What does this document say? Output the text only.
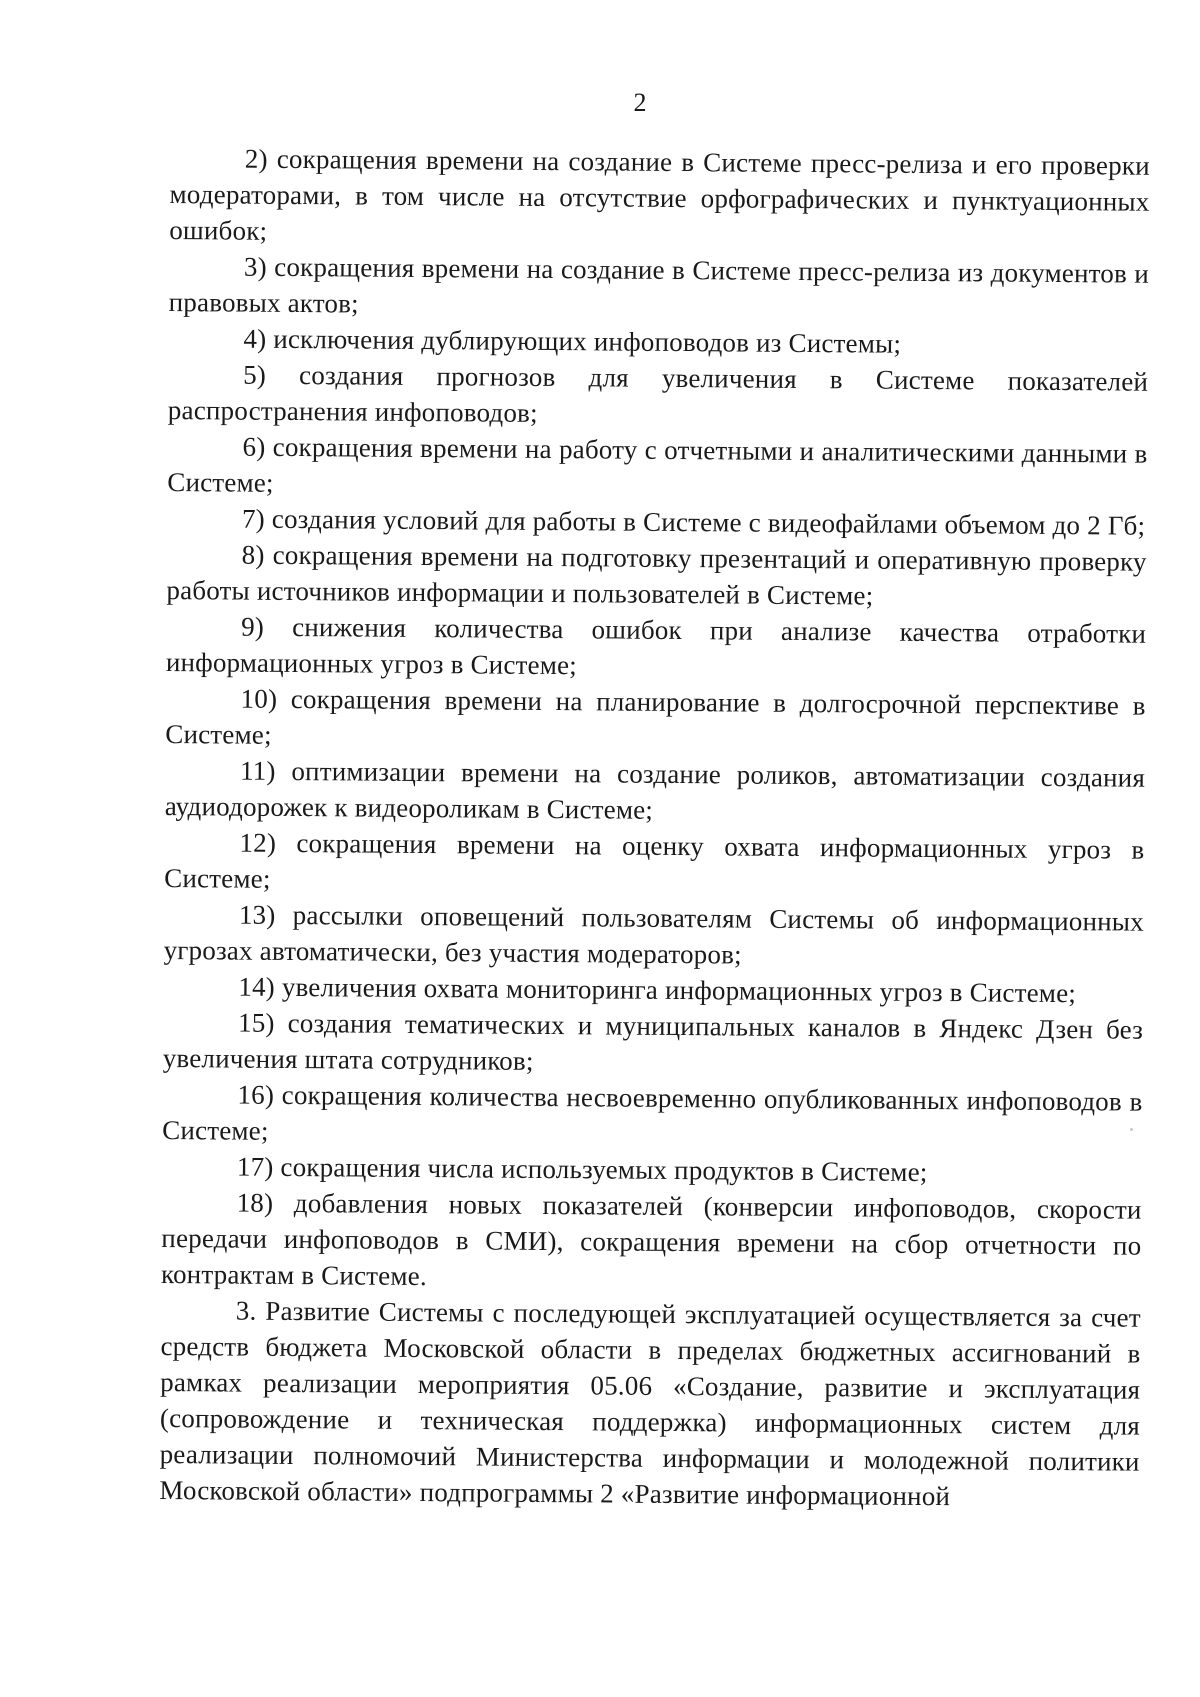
2

2) сокращения времени на создание в Системе пресс-релиза и его проверки модераторами, в том числе на отсутствие орфографических и пунктуационных ошибок;

3) сокращения времени на создание в Системе пресс-релиза из документов и правовых актов;

4) исключения дублирующих инфоповодов из Системы;

5) создания прогнозов для увеличения в Системе показателей распространения инфоповодов;

6) сокращения времени на работу с отчетными и аналитическими данными в Системе;

7) создания условий для работы в Системе с видеофайлами объемом до 2 Гб;

8) сокращения времени на подготовку презентаций и оперативную проверку работы источников информации и пользователей в Системе;

9) снижения количества ошибок при анализе качества отработки информационных угроз в Системе;

10) сокращения времени на планирование в долгосрочной перспективе в Системе;

11) оптимизации времени на создание роликов, автоматизации создания аудиодорожек к видеороликам в Системе;

12) сокращения времени на оценку охвата информационных угроз в Системе;

13) рассылки оповещений пользователям Системы об информационных угрозах автоматически, без участия модераторов;

14) увеличения охвата мониторинга информационных угроз в Системе;

15) создания тематических и муниципальных каналов в Яндекс Дзен без увеличения штата сотрудников;

16) сокращения количества несвоевременно опубликованных инфоповодов в Системе;

17) сокращения числа используемых продуктов в Системе;

18) добавления новых показателей (конверсии инфоповодов, скорости передачи инфоповодов в СМИ), сокращения времени на сбор отчетности по контрактам в Системе.

3. Развитие Системы с последующей эксплуатацией осуществляется за счет средств бюджета Московской области в пределах бюджетных ассигнований в рамках реализации мероприятия 05.06 «Создание, развитие и эксплуатация (сопровождение и техническая поддержка) информационных систем для реализации полномочий Министерства информации и молодежной политики Московской области» подпрограммы 2 «Развитие информационной
